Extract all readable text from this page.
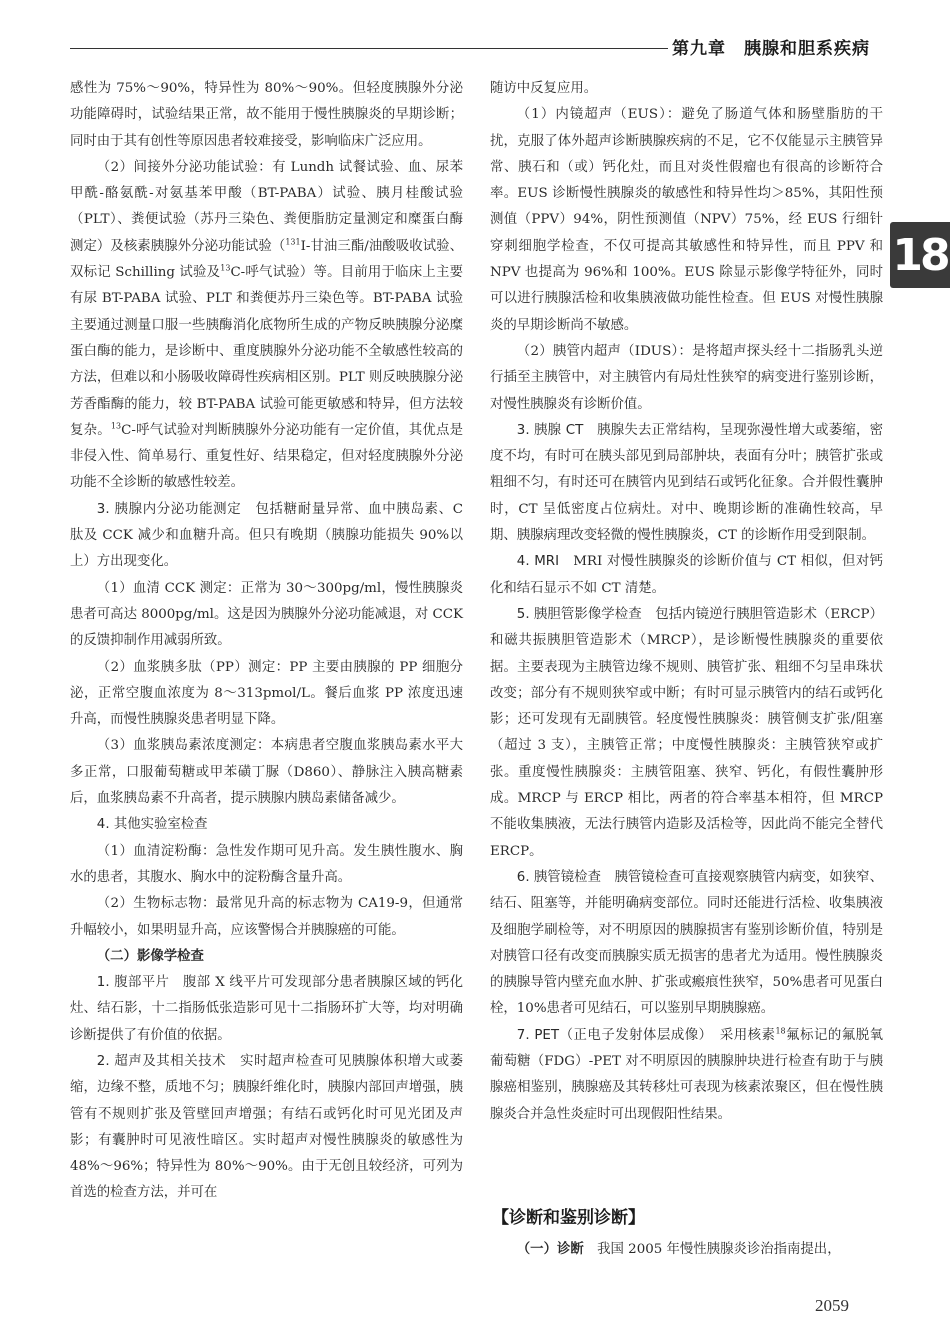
第九章　胰腺和胆系疾病
18

感性为 75%～90%，特异性为 80%～90%。但轻度胰腺外分泌功能障碍时，试验结果正常，故不能用于慢性胰腺炎的早期诊断；同时由于其有创性等原因患者较难接受，影响临床广泛应用。

（2）间接外分泌功能试验：有 Lundh 试餐试验、血、尿苯甲酰-酪氨酰-对氨基苯甲酸（BT-PABA）试验、胰月桂酸试验（PLT）、粪便试验（苏丹三染色、粪便脂肪定量测定和糜蛋白酶测定）及核素胰腺外分泌功能试验（$^{131}$I-甘油三酯/油酸吸收试验、双标记 Schilling 试验及$^{13}$C-呼气试验）等。目前用于临床上主要有尿 BT-PABA 试验、PLT 和粪便苏丹三染色等。BT-PABA 试验主要通过测量口服一些胰酶消化底物所生成的产物反映胰腺分泌糜蛋白酶的能力，是诊断中、重度胰腺外分泌功能不全敏感性较高的方法，但难以和小肠吸收障碍性疾病相区别。PLT 则反映胰腺分泌芳香酯酶的能力，较 BT-PABA 试验可能更敏感和特异，但方法较复杂。$^{13}$C-呼气试验对判断胰腺外分泌功能有一定价值，其优点是非侵入性、简单易行、重复性好、结果稳定，但对轻度胰腺外分泌功能不全诊断的敏感性较差。

3. 胰腺内分泌功能测定　包括糖耐量异常、血中胰岛素、C 肽及 CCK 减少和血糖升高。但只有晚期（胰腺功能损失 90%以上）方出现变化。

（1）血清 CCK 测定：正常为 30～300pg/ml，慢性胰腺炎患者可高达 8000pg/ml。这是因为胰腺外分泌功能减退，对 CCK 的反馈抑制作用减弱所致。

（2）血浆胰多肽（PP）测定：PP 主要由胰腺的 PP 细胞分泌，正常空腹血浓度为 8～313pmol/L。餐后血浆 PP 浓度迅速升高，而慢性胰腺炎患者明显下降。

（3）血浆胰岛素浓度测定：本病患者空腹血浆胰岛素水平大多正常，口服葡萄糖或甲苯磺丁脲（D860）、静脉注入胰高糖素后，血浆胰岛素不升高者，提示胰腺内胰岛素储备减少。

4. 其他实验室检查

（1）血清淀粉酶：急性发作期可见升高。发生胰性腹水、胸水的患者，其腹水、胸水中的淀粉酶含量升高。

（2）生物标志物：最常见升高的标志物为 CA19-9，但通常升幅较小，如果明显升高，应该警惕合并胰腺癌的可能。

（二）影像学检查

1. 腹部平片　腹部 X 线平片可发现部分患者胰腺区域的钙化灶、结石影，十二指肠低张造影可见十二指肠环扩大等，均对明确诊断提供了有价值的依据。

2. 超声及其相关技术　实时超声检查可见胰腺体积增大或萎缩，边缘不整，质地不匀；胰腺纤维化时，胰腺内部回声增强，胰管有不规则扩张及管壁回声增强；有结石或钙化时可见光团及声影；有囊肿时可见液性暗区。实时超声对慢性胰腺炎的敏感性为 48%～96%；特异性为 80%～90%。由于无创且较经济，可列为首选的检查方法，并可在

随访中反复应用。

（1）内镜超声（EUS）：避免了肠道气体和肠壁脂肪的干扰，克服了体外超声诊断胰腺疾病的不足，它不仅能显示主胰管异常、胰石和（或）钙化灶，而且对炎性假瘤也有很高的诊断符合率。EUS 诊断慢性胰腺炎的敏感性和特异性均＞85%，其阳性预测值（PPV）94%，阴性预测值（NPV）75%，经 EUS 行细针穿刺细胞学检查，不仅可提高其敏感性和特异性，而且 PPV 和 NPV 也提高为 96%和 100%。EUS 除显示影像学特征外，同时可以进行胰腺活检和收集胰液做功能性检查。但 EUS 对慢性胰腺炎的早期诊断尚不敏感。

（2）胰管内超声（IDUS）：是将超声探头经十二指肠乳头逆行插至主胰管中，对主胰管内有局灶性狭窄的病变进行鉴别诊断，对慢性胰腺炎有诊断价值。

3. 胰腺 CT　胰腺失去正常结构，呈现弥漫性增大或萎缩，密度不均，有时可在胰头部见到局部肿块，表面有分叶；胰管扩张或粗细不匀，有时还可在胰管内见到结石或钙化征象。合并假性囊肿时，CT 呈低密度占位病灶。对中、晚期诊断的准确性较高，早期、胰腺病理改变轻微的慢性胰腺炎，CT 的诊断作用受到限制。

4. MRI　MRI 对慢性胰腺炎的诊断价值与 CT 相似，但对钙化和结石显示不如 CT 清楚。

5. 胰胆管影像学检查　包括内镜逆行胰胆管造影术（ERCP）和磁共振胰胆管造影术（MRCP），是诊断慢性胰腺炎的重要依据。主要表现为主胰管边缘不规则、胰管扩张、粗细不匀呈串珠状改变；部分有不规则狭窄或中断；有时可显示胰管内的结石或钙化影；还可发现有无副胰管。轻度慢性胰腺炎：胰管侧支扩张/阻塞（超过 3 支），主胰管正常；中度慢性胰腺炎：主胰管狭窄或扩张。重度慢性胰腺炎：主胰管阻塞、狭窄、钙化，有假性囊肿形成。MRCP 与 ERCP 相比，两者的符合率基本相符，但 MRCP 不能收集胰液，无法行胰管内造影及活检等，因此尚不能完全替代 ERCP。

6. 胰管镜检查　胰管镜检查可直接观察胰管内病变，如狭窄、结石、阻塞等，并能明确病变部位。同时还能进行活检、收集胰液及细胞学刷检等，对不明原因的胰腺损害有鉴别诊断价值，特别是对胰管口径有改变而胰腺实质无损害的患者尤为适用。慢性胰腺炎的胰腺导管内壁充血水肿、扩张或瘢痕性狭窄，50%患者可见蛋白栓，10%患者可见结石，可以鉴别早期胰腺癌。

7. PET（正电子发射体层成像）　采用核素$^{18}$氟标记的氟脱氧葡萄糖（FDG）-PET 对不明原因的胰腺肿块进行检查有助于与胰腺癌相鉴别，胰腺癌及其转移灶可表现为核素浓聚区，但在慢性胰腺炎合并急性炎症时可出现假阳性结果。

【诊断和鉴别诊断】
（一）诊断　我国 2005 年慢性胰腺炎诊治指南提出，
2059
